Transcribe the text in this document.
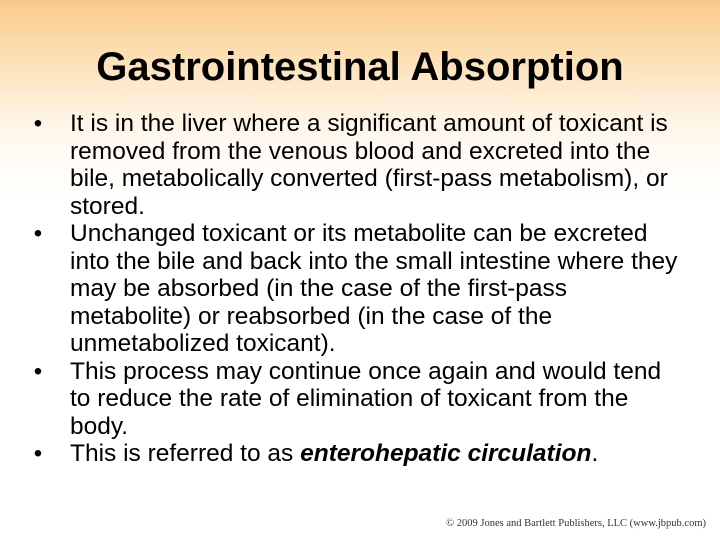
Gastrointestinal Absorption
• It is in the liver where a significant amount of toxicant is removed from the venous blood and excreted into the bile, metabolically converted (first-pass metabolism), or stored.
• Unchanged toxicant or its metabolite can be excreted into the bile and back into the small intestine where they may be absorbed (in the case of the first-pass metabolite) or reabsorbed (in the case of the unmetabolized toxicant).
• This process may continue once again and would tend to reduce the rate of elimination of toxicant from the body.
• This is referred to as enterohepatic circulation.
© 2009 Jones and Bartlett Publishers, LLC (www.jbpub.com)
